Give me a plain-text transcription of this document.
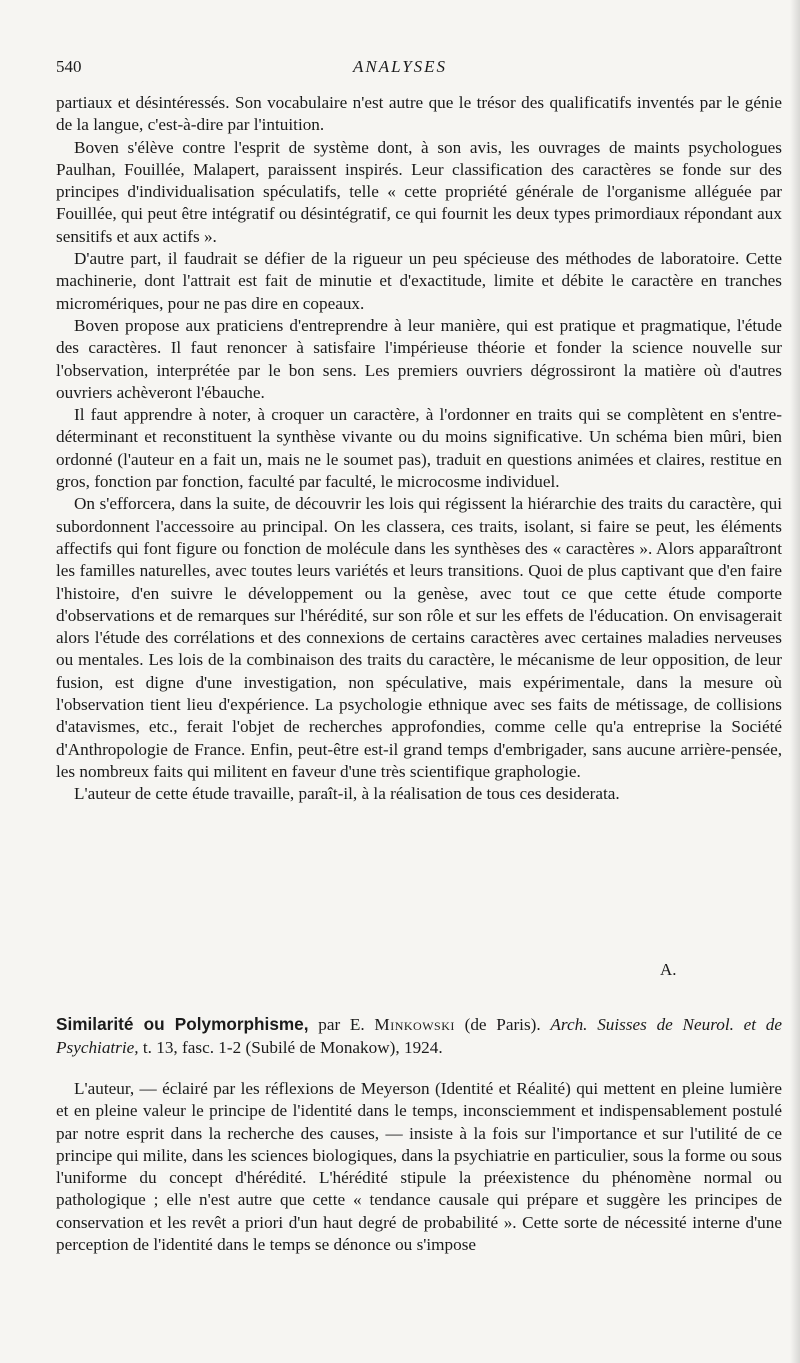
540	ANALYSES

partiaux et désintéressés. Son vocabulaire n'est autre que le trésor des qualificatifs inventés par le génie de la langue, c'est-à-dire par l'intuition.

Boven s'élève contre l'esprit de système dont, à son avis, les ouvrages de maints psychologues Paulhan, Fouillée, Malapert, paraissent inspirés. Leur classification des caractères se fonde sur des principes d'individualisation spéculatifs, telle « cette propriété générale de l'organisme alléguée par Fouillée, qui peut être intégratif ou désintégratif, ce qui fournit les deux types primordiaux répondant aux sensitifs et aux actifs ».

D'autre part, il faudrait se défier de la rigueur un peu spécieuse des méthodes de laboratoire. Cette machinerie, dont l'attrait est fait de minutie et d'exactitude, limite et débite le caractère en tranches micromériques, pour ne pas dire en copeaux.

Boven propose aux praticiens d'entreprendre à leur manière, qui est pratique et pragmatique, l'étude des caractères. Il faut renoncer à satisfaire l'impérieuse théorie et fonder la science nouvelle sur l'observation, interprétée par le bon sens. Les premiers ouvriers dégrossiront la matière où d'autres ouvriers achèveront l'ébauche.

Il faut apprendre à noter, à croquer un caractère, à l'ordonner en traits qui se complètent en s'entre-déterminant et reconstituent la synthèse vivante ou du moins significative. Un schéma bien mûri, bien ordonné (l'auteur en a fait un, mais ne le soumet pas), traduit en questions animées et claires, restitue en gros, fonction par fonction, faculté par faculté, le microcosme individuel.

On s'efforcera, dans la suite, de découvrir les lois qui régissent la hiérarchie des traits du caractère, qui subordonnent l'accessoire au principal. On les classera, ces traits, isolant, si faire se peut, les éléments affectifs qui font figure ou fonction de molécule dans les synthèses des « caractères ». Alors apparaîtront les familles naturelles, avec toutes leurs variétés et leurs transitions. Quoi de plus captivant que d'en faire l'histoire, d'en suivre le développement ou la genèse, avec tout ce que cette étude comporte d'observations et de remarques sur l'hérédité, sur son rôle et sur les effets de l'éducation. On envisagerait alors l'étude des corrélations et des connexions de certains caractères avec certaines maladies nerveuses ou mentales. Les lois de la combinaison des traits du caractère, le mécanisme de leur opposition, de leur fusion, est digne d'une investigation, non spéculative, mais expérimentale, dans la mesure où l'observation tient lieu d'expérience. La psychologie ethnique avec ses faits de métissage, de collisions d'atavismes, etc., ferait l'objet de recherches approfondies, comme celle qu'a entreprise la Société d'Anthropologie de France. Enfin, peut-être est-il grand temps d'embrigader, sans aucune arrière-pensée, les nombreux faits qui militent en faveur d'une très scientifique graphologie.

L'auteur de cette étude travaille, paraît-il, à la réalisation de tous ces desiderata.

A.
Similarité ou Polymorphisme, par E. Minkowski (de Paris). Arch. Suisses de Neurol. et de Psychiatrie, t. 13, fasc. 1-2 (Subilé de Monakow), 1924.

L'auteur, — éclairé par les réflexions de Meyerson (Identité et Réalité) qui mettent en pleine lumière et en pleine valeur le principe de l'identité dans le temps, inconsciemment et indispensablement postulé par notre esprit dans la recherche des causes, — insiste à la fois sur l'importance et sur l'utilité de ce principe qui milite, dans les sciences biologiques, dans la psychiatrie en particulier, sous la forme ou sous l'uniforme du concept d'hérédité. L'hérédité stipule la préexistence du phénomène normal ou pathologique ; elle n'est autre que cette « tendance causale qui prépare et suggère les principes de conservation et les revêt a priori d'un haut degré de probabilité ». Cette sorte de nécessité interne d'une perception de l'identité dans le temps se dénonce ou s'impose
